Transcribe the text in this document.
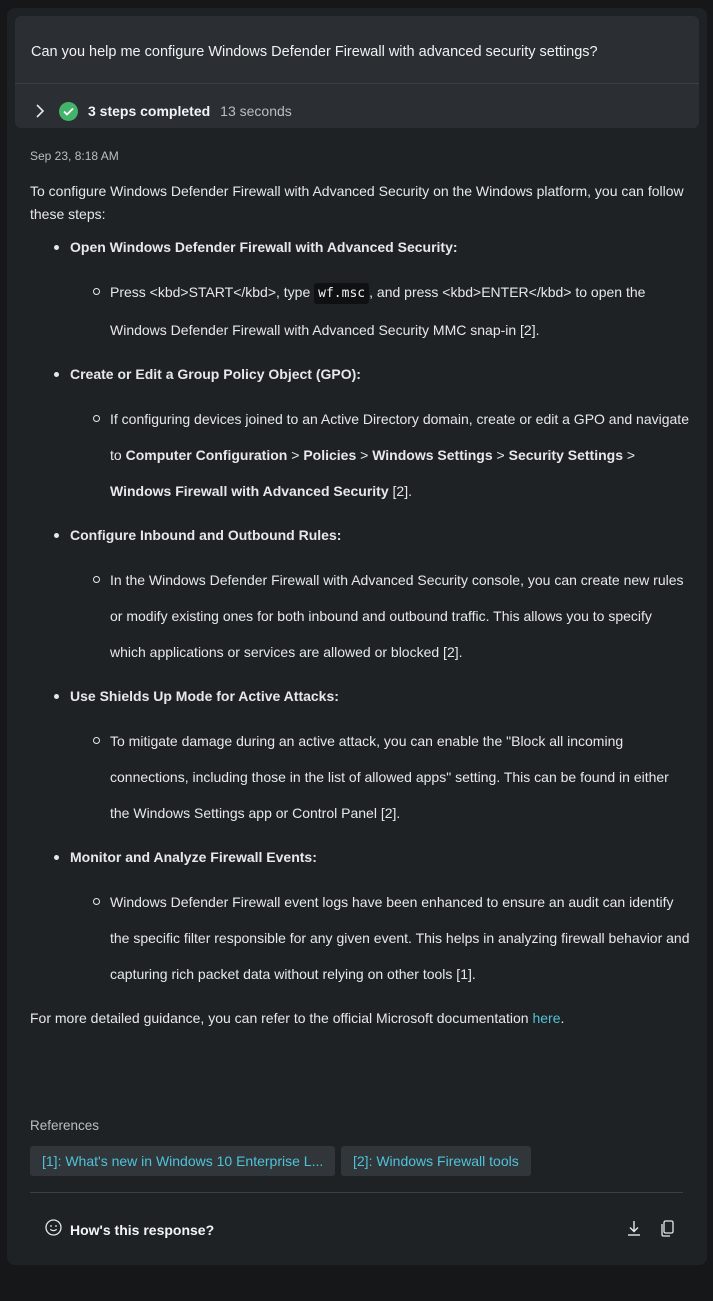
Can you help me configure Windows Defender Firewall with advanced security settings?
3 steps completed 13 seconds
Sep 23, 8:18 AM

To configure Windows Defender Firewall with Advanced Security on the Windows platform, you can follow these steps:

Open Windows Defender Firewall with Advanced Security:
Press <kbd>START</kbd>, type wf.msc , and press <kbd>ENTER</kbd> to open the Windows Defender Firewall with Advanced Security MMC snap-in [2].
Create or Edit a Group Policy Object (GPO):
If configuring devices joined to an Active Directory domain, create or edit a GPO and navigate to Computer Configuration > Policies > Windows Settings > Security Settings > Windows Firewall with Advanced Security [2].
Configure Inbound and Outbound Rules:
In the Windows Defender Firewall with Advanced Security console, you can create new rules or modify existing ones for both inbound and outbound traffic. This allows you to specify which applications or services are allowed or blocked [2].
Use Shields Up Mode for Active Attacks:
To mitigate damage during an active attack, you can enable the "Block all incoming connections, including those in the list of allowed apps" setting. This can be found in either the Windows Settings app or Control Panel [2].
Monitor and Analyze Firewall Events:
Windows Defender Firewall event logs have been enhanced to ensure an audit can identify the specific filter responsible for any given event. This helps in analyzing firewall behavior and capturing rich packet data without relying on other tools [1].

For more detailed guidance, you can refer to the official Microsoft documentation here.

References
[1]: What's new in Windows 10 Enterprise L...	[2]: Windows Firewall tools
How's this response?
